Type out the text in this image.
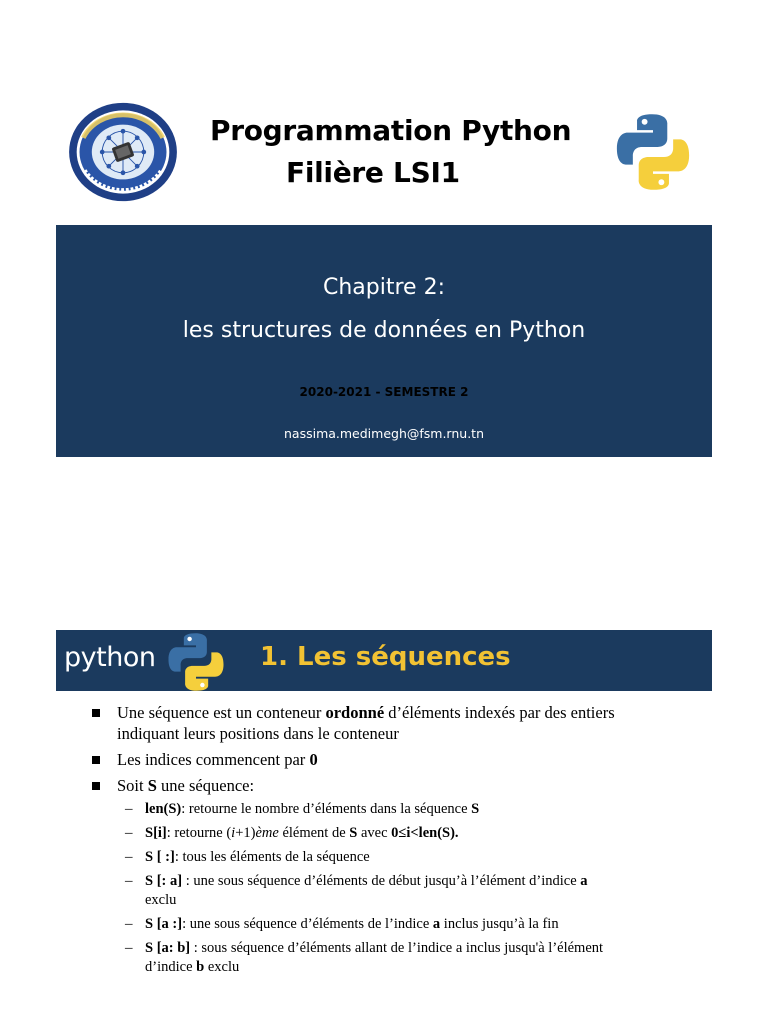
Programmation Python
Filière LSI1
Chapitre 2:
les structures de données en Python
2020-2021 - SEMESTRE 2
nassima.medimegh@fsm.rnu.tn
python	1. Les séquences
Une séquence est un conteneur ordonné d’éléments indexés par des entiers
indiquant leurs positions dans le conteneur
Les indices commencent par 0
Soit S une séquence:
– len(S): retourne le nombre d’éléments dans la séquence S
– S[i]: retourne (i+1)ème élément de S avec 0≤i<len(S).
– S [ :]: tous les éléments de la séquence
– S [: a] : une sous séquence d’éléments de début jusqu’à l’élément d’indice a
exclu
– S [a :]: une sous séquence d’éléments de l’indice a inclus jusqu’à la fin
– S [a: b] : sous séquence d’éléments allant de l’indice a inclus jusqu'à l’élément
d’indice b exclu
